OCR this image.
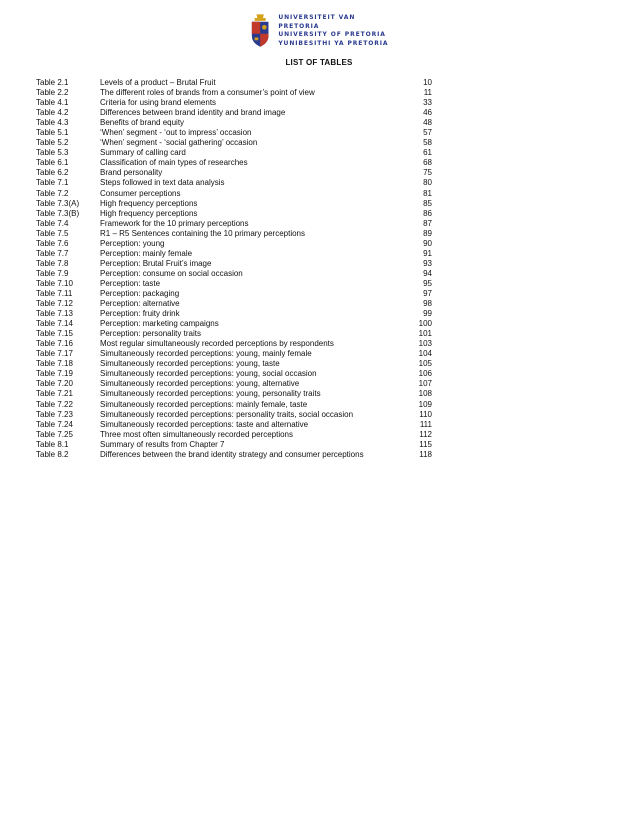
UNIVERSITEIT VAN PRETORIA
UNIVERSITY OF PRETORIA
YUNIBESITHI YA PRETORIA
LIST OF TABLES
Table 2.1	Levels of a product – Brutal Fruit	10
Table 2.2	The different roles of brands from a consumer’s point of view	11
Table 4.1	Criteria for using brand elements	33
Table 4.2	Differences between brand identity and brand image	46
Table 4.3	Benefits of brand equity	48
Table 5.1	‘When’ segment - ‘out to impress’ occasion	57
Table 5.2	‘When’ segment - ‘social gathering’ occasion	58
Table 5.3	Summary of calling card	61
Table 6.1	Classification of main types of researches	68
Table 6.2	Brand personality	75
Table 7.1	Steps followed in text data analysis	80
Table 7.2	Consumer perceptions	81
Table 7.3(A)	High frequency perceptions	85
Table 7.3(B)	High frequency perceptions	86
Table 7.4	Framework for the 10 primary perceptions	87
Table 7.5	R1 – R5 Sentences containing the 10 primary perceptions	89
Table 7.6	Perception: young	90
Table 7.7	Perception: mainly female	91
Table 7.8	Perception: Brutal Fruit’s image	93
Table 7.9	Perception: consume on social occasion	94
Table 7.10	Perception: taste	95
Table 7.11	Perception: packaging	97
Table 7.12	Perception: alternative	98
Table 7.13	Perception: fruity drink	99
Table 7.14	Perception: marketing campaigns	100
Table 7.15	Perception: personality traits	101
Table 7.16	Most regular simultaneously recorded perceptions by respondents	103
Table 7.17	Simultaneously recorded perceptions: young, mainly female	104
Table 7.18	Simultaneously recorded perceptions: young, taste	105
Table 7.19	Simultaneously recorded perceptions: young, social occasion	106
Table 7.20	Simultaneously recorded perceptions: young, alternative	107
Table 7.21	Simultaneously recorded perceptions: young, personality traits	108
Table 7.22	Simultaneously recorded perceptions: mainly female, taste	109
Table 7.23	Simultaneously recorded perceptions: personality traits, social occasion	110
Table 7.24	Simultaneously recorded perceptions: taste and alternative	111
Table 7.25	Three most often simultaneously recorded perceptions	112
Table 8.1	Summary of results from Chapter 7	115
Table 8.2	Differences between the brand identity strategy and consumer perceptions	118
